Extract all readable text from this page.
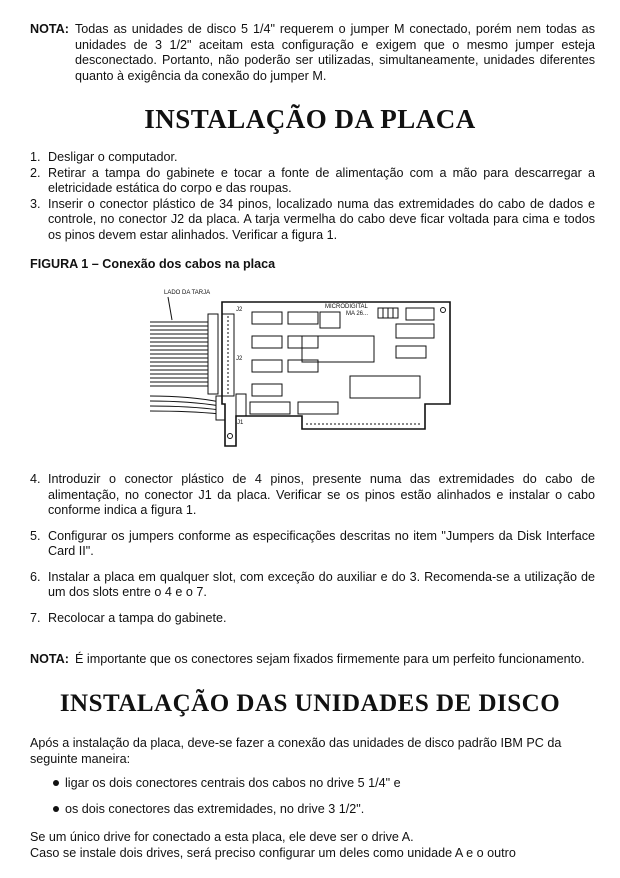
NOTA: Todas as unidades de disco 5 1/4" requerem o jumper M conectado, porém nem todas as unidades de 3 1/2" aceitam esta configuração e exigem que o mesmo jumper esteja desconectado. Portanto, não poderão ser utilizadas, simultaneamente, unidades diferentes quanto à exigência da conexão do jumper M.
INSTALAÇÃO DA PLACA
1. Desligar o computador.
2. Retirar a tampa do gabinete e tocar a fonte de alimentação com a mão para descarregar a eletricidade estática do corpo e das roupas.
3. Inserir o conector plástico de 34 pinos, localizado numa das extremidades do cabo de dados e controle, no conector J2 da placa. A tarja vermelha do cabo deve ficar voltada para cima e todos os pinos devem estar alinhados. Verificar a figura 1.
FIGURA 1 – Conexão dos cabos na placa
LADO DA TARJA
J2
J2
J1
MICRODIGITAL
MA 26...
4. Introduzir o conector plástico de 4 pinos, presente numa das extremidades do cabo de alimentação, no conector J1 da placa. Verificar se os pinos estão alinhados e instalar o cabo conforme indica a figura 1.
5. Configurar os jumpers conforme as especificações descritas no item "Jumpers da Disk Interface Card II".
6. Instalar a placa em qualquer slot, com exceção do auxiliar e do 3. Recomenda-se a utilização de um dos slots entre o 4 e o 7.
7. Recolocar a tampa do gabinete.
NOTA: É importante que os conectores sejam fixados firmemente para um perfeito funcionamento.
INSTALAÇÃO DAS UNIDADES DE DISCO
Após a instalação da placa, deve-se fazer a conexão das unidades de disco padrão IBM PC da seguinte maneira:
ligar os dois conectores centrais dos cabos no drive 5 1/4" e
os dois conectores das extremidades, no drive 3 1/2".
Se um único drive for conectado a esta placa, ele deve ser o drive A.
Caso se instale dois drives, será preciso configurar um deles como unidade A e o outro
